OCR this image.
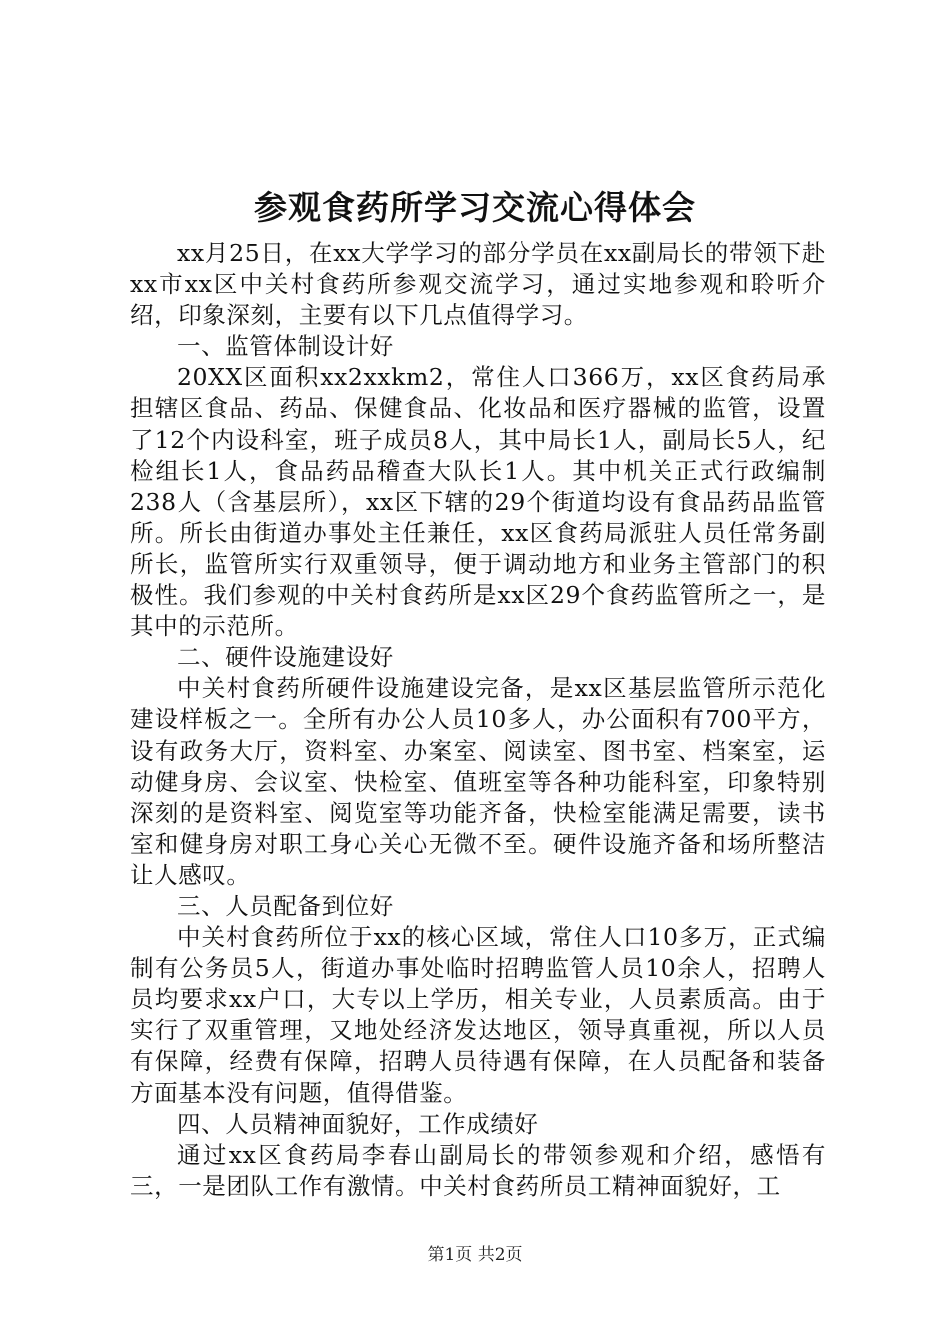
参观食药所学习交流心得体会

xx月25日，在xx大学学习的部分学员在xx副局长的带领下赴xx市xx区中关村食药所参观交流学习，通过实地参观和聆听介绍，印象深刻，主要有以下几点值得学习。

一、监管体制设计好

20XX区面积xx2xxkm2，常住人口366万，xx区食药局承担辖区食品、药品、保健食品、化妆品和医疗器械的监管，设置了12个内设科室，班子成员8人，其中局长1人，副局长5人，纪检组长1人，食品药品稽查大队长1人。其中机关正式行政编制238人（含基层所），xx区下辖的29个街道均设有食品药品监管所。所长由街道办事处主任兼任，xx区食药局派驻人员任常务副所长，监管所实行双重领导，便于调动地方和业务主管部门的积极性。我们参观的中关村食药所是xx区29个食药监管所之一，是其中的示范所。

二、硬件设施建设好

中关村食药所硬件设施建设完备，是xx区基层监管所示范化建设样板之一。全所有办公人员10多人，办公面积有700平方，设有政务大厅，资料室、办案室、阅读室、图书室、档案室，运动健身房、会议室、快检室、值班室等各种功能科室，印象特别深刻的是资料室、阅览室等功能齐备，快检室能满足需要，读书室和健身房对职工身心关心无微不至。硬件设施齐备和场所整洁让人感叹。

三、人员配备到位好

中关村食药所位于xx的核心区域，常住人口10多万，正式编制有公务员5人，街道办事处临时招聘监管人员10余人，招聘人员均要求xx户口，大专以上学历，相关专业，人员素质高。由于实行了双重管理，又地处经济发达地区，领导真重视，所以人员有保障，经费有保障，招聘人员待遇有保障，在人员配备和装备方面基本没有问题，值得借鉴。

四、人员精神面貌好，工作成绩好

通过xx区食药局李春山副局长的带领参观和介绍，感悟有三，一是团队工作有激情。中关村食药所员工精神面貌好，工

第1页 共2页
